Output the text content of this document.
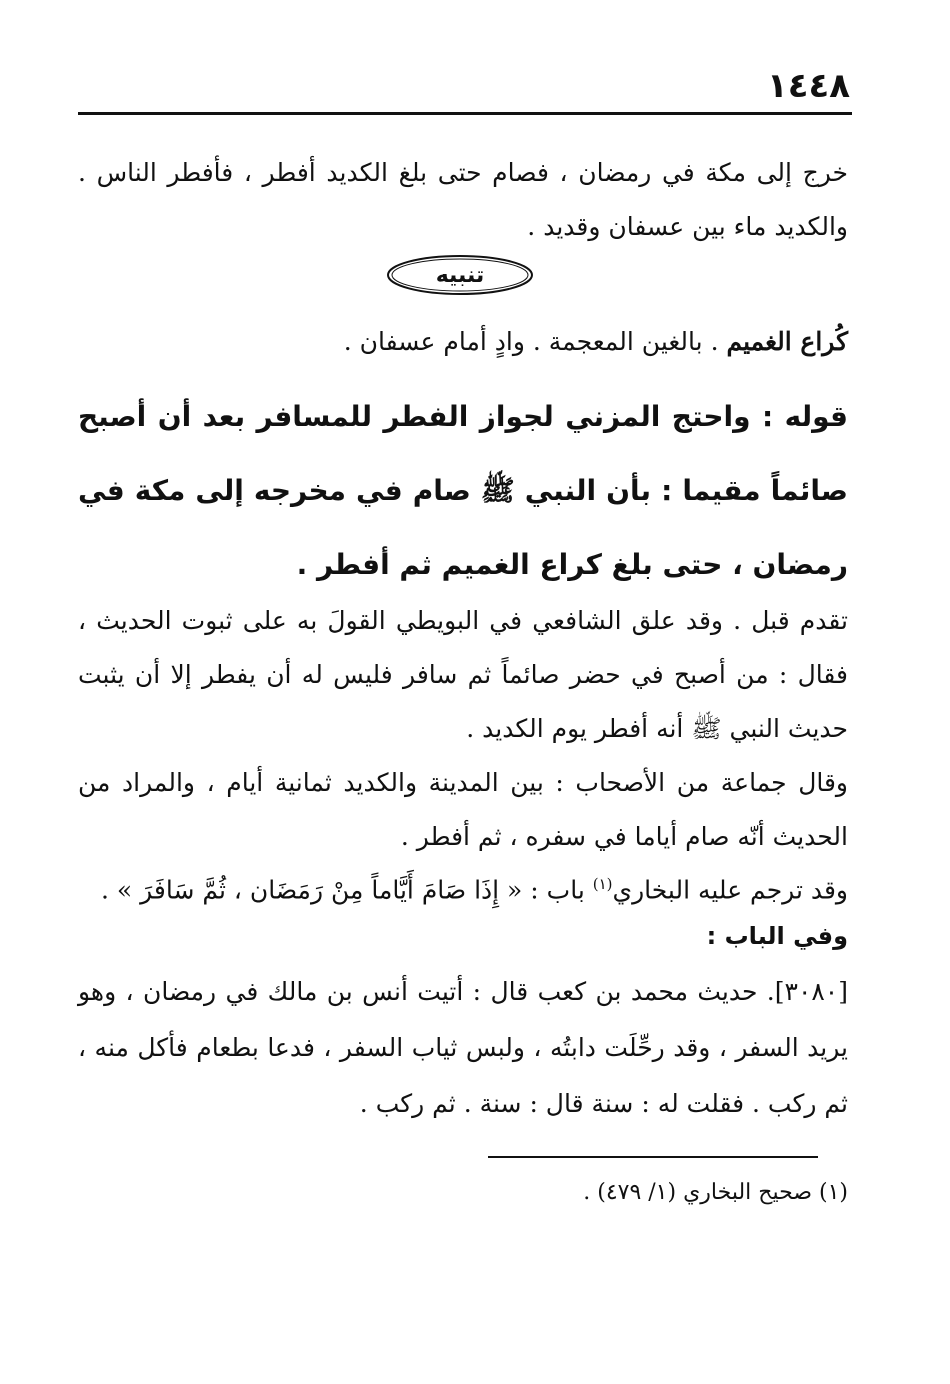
١٤٤٨

خرج إلى مكة في رمضان ، فصام حتى بلغ الكديد أفطر ، فأفطر الناس . والكديد ماء بين عسفان وقديد .

تنبيه

كُراع الغميم . بالغين المعجمة . وادٍ أمام عسفان .

قوله : واحتج المزني لجواز الفطر للمسافر بعد أن أصبح صائماً مقيما : بأن النبي ﷺ صام في مخرجه إلى مكة في رمضان ، حتى بلغ كراع الغميم ثم أفطر .

تقدم قبل . وقد علق الشافعي في البويطي القولَ به على ثبوت الحديث ، فقال : من أصبح في حضر صائماً ثم سافر فليس له أن يفطر إلا أن يثبت حديث النبي ﷺ أنه أفطر يوم الكديد .

وقال جماعة من الأصحاب : بين المدينة والكديد ثمانية أيام ، والمراد من الحديث أنّه صام أياما في سفره ، ثم أفطر .

وقد ترجم عليه البخاري$^{(١)}$ باب : « إِذَا صَامَ أَيَّاماً مِنْ رَمَضَان ، ثُمَّ سَافَرَ » .

وفي الباب :

[٣٠٨٠]. حديث محمد بن كعب قال : أتيت أنس بن مالك في رمضان ، وهو يريد السفر ، وقد رحِّلَت دابتُه ، ولبس ثياب السفر ، فدعا بطعام فأكل منه ، ثم ركب . فقلت له : سنة قال : سنة . ثم ركب .

(١) صحيح البخاري (١/ ٤٧٩) .
